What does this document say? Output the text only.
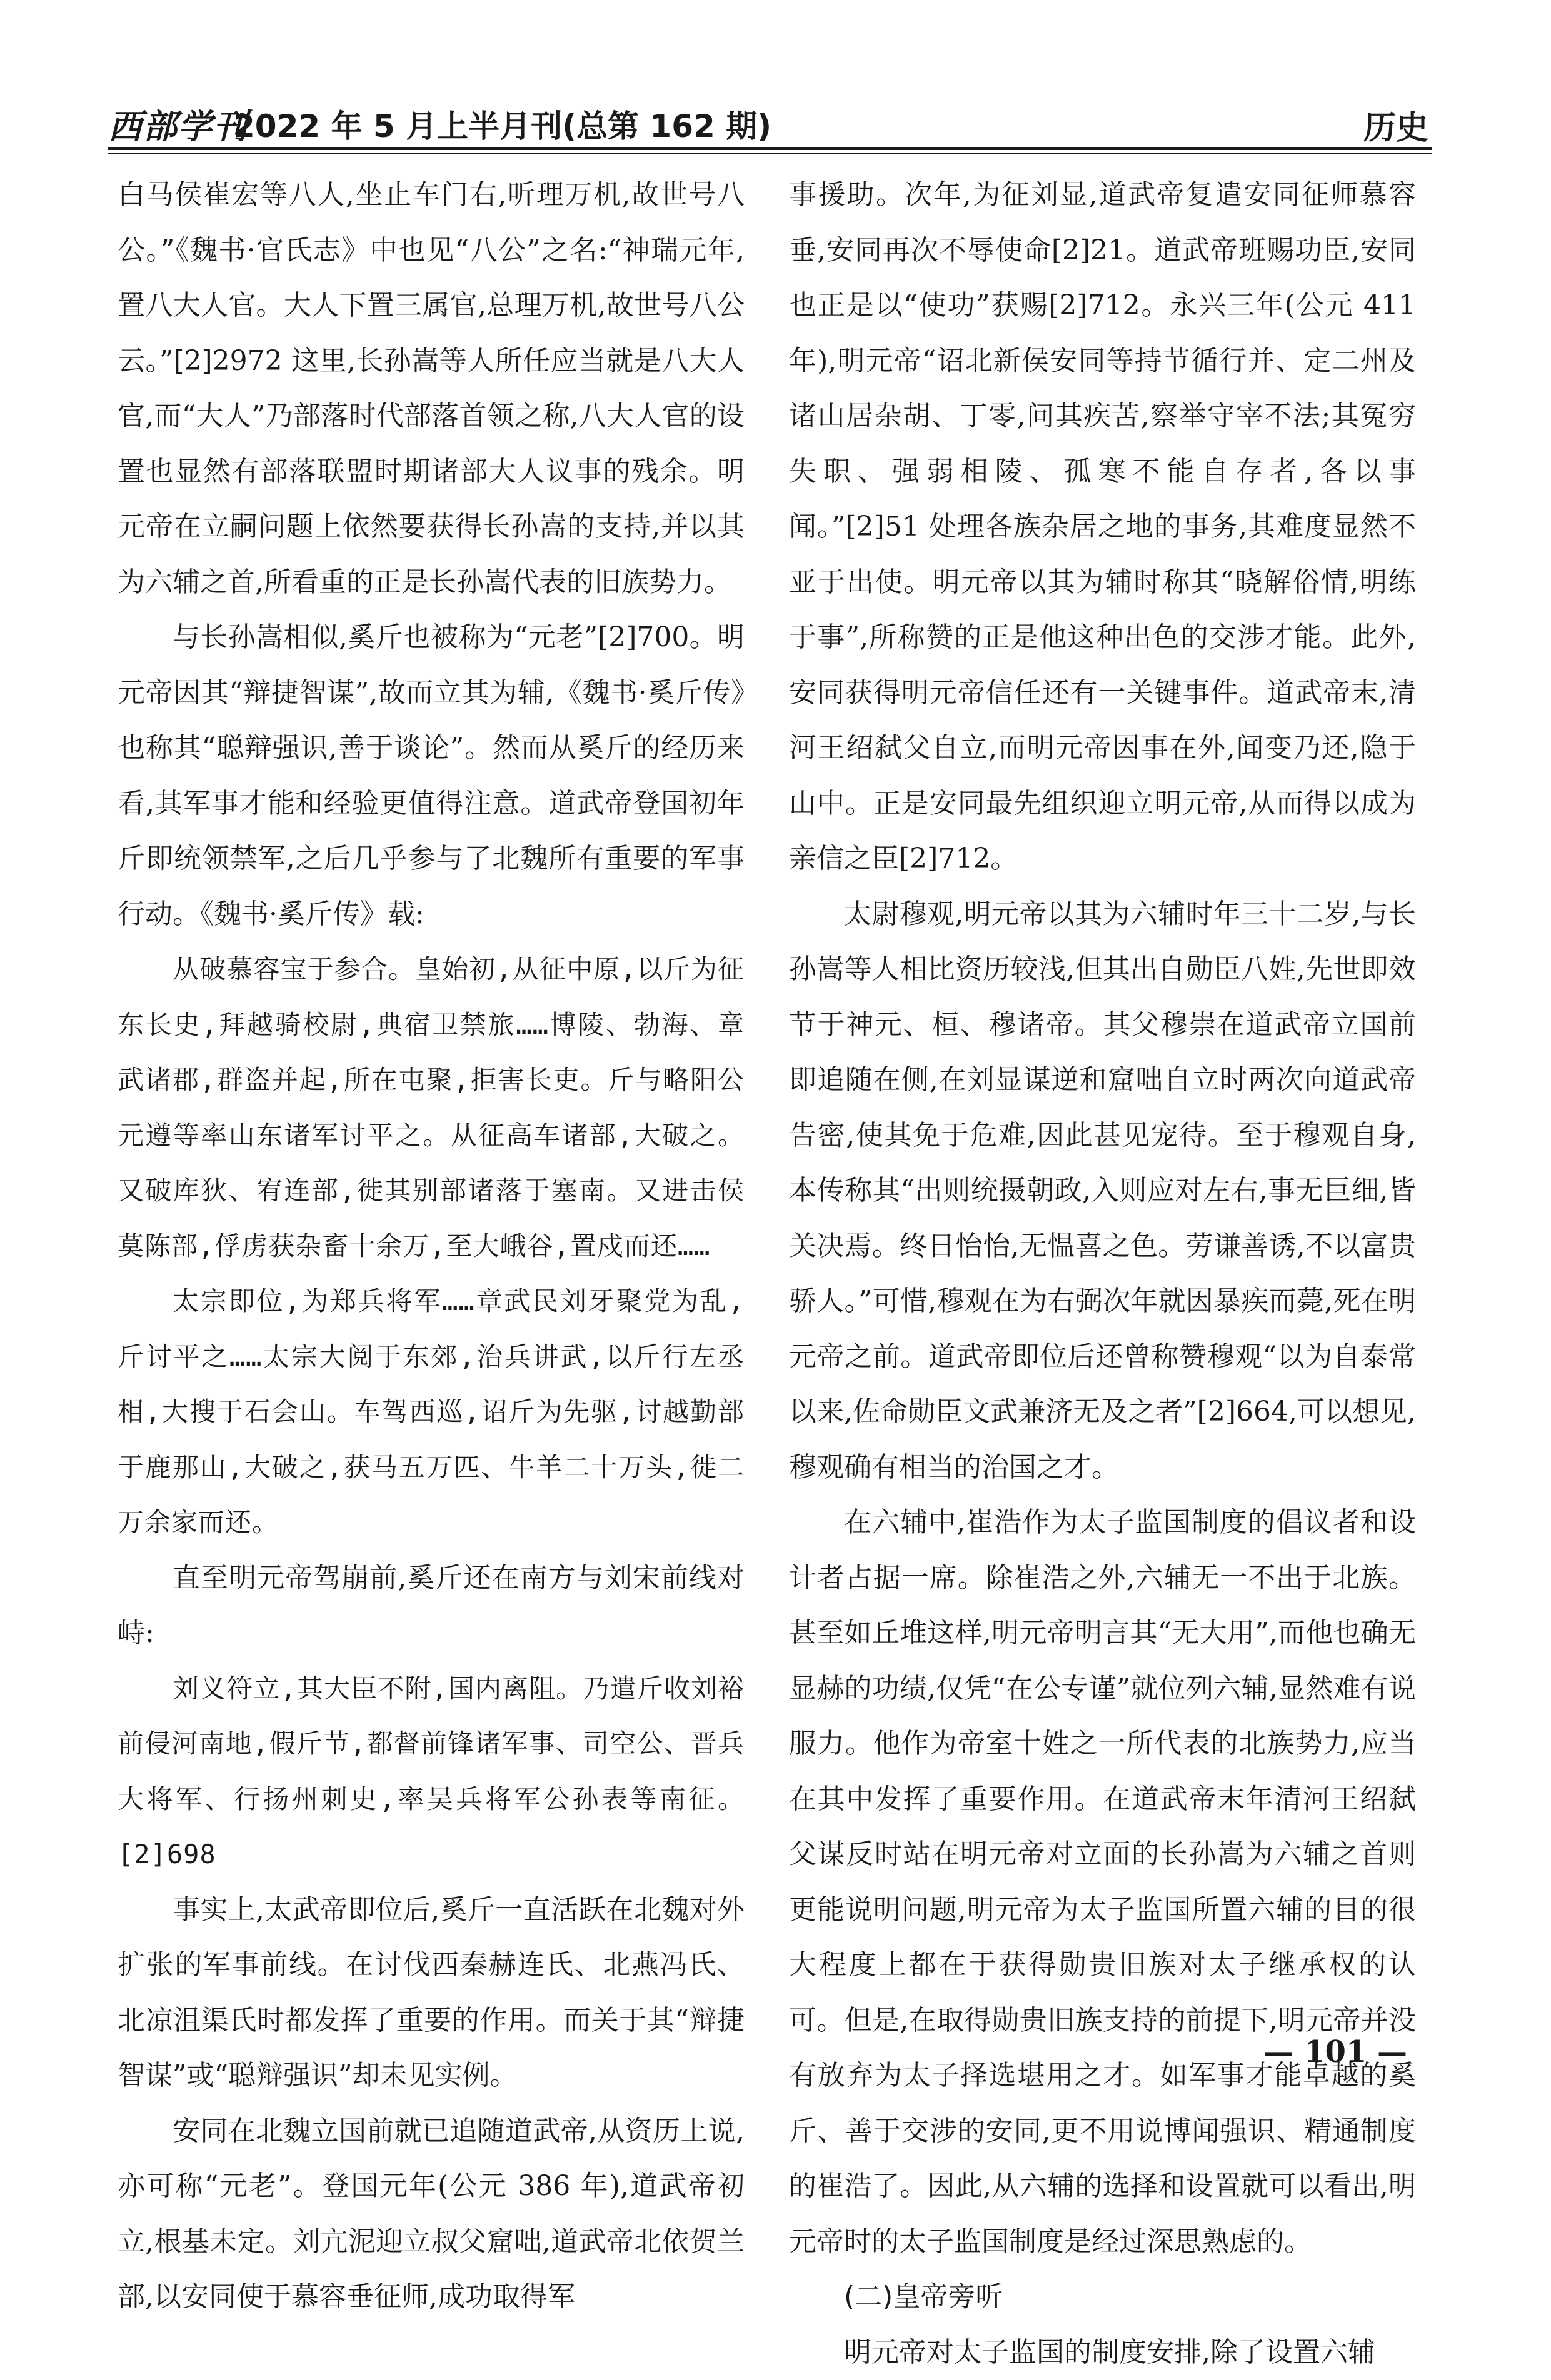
西部学刊
2022 年 5 月上半月刊(总第 162 期)	历史

白马侯崔宏等八人,坐止车门右,听理万机,故世号八公。”《魏书·官氏志》中也见“八公”之名:“神瑞元年,置八大人官。大人下置三属官,总理万机,故世号八公云。”[2]2972 这里,长孙嵩等人所任应当就是八大人官,而“大人”乃部落时代部落首领之称,八大人官的设置也显然有部落联盟时期诸部大人议事的残余。明元帝在立嗣问题上依然要获得长孙嵩的支持,并以其为六辅之首,所看重的正是长孙嵩代表的旧族势力。

与长孙嵩相似,奚斤也被称为“元老”[2]700。明元帝因其“辩捷智谋”,故而立其为辅,《魏书·奚斤传》也称其“聪辩强识,善于谈论”。然而从奚斤的经历来看,其军事才能和经验更值得注意。道武帝登国初年斤即统领禁军,之后几乎参与了北魏所有重要的军事行动。《魏书·奚斤传》载:

从破慕容宝于参合。皇始初,从征中原,以斤为征东长史,拜越骑校尉,典宿卫禁旅……博陵、勃海、章武诸郡,群盗并起,所在屯聚,拒害长吏。斤与略阳公元遵等率山东诸军讨平之。从征高车诸部,大破之。又破库狄、宥连部,徙其别部诸落于塞南。又进击侯莫陈部,俘虏获杂畜十余万,至大峨谷,置戍而还……

太宗即位,为郑兵将军……章武民刘牙聚党为乱,斤讨平之……太宗大阅于东郊,治兵讲武,以斤行左丞相,大搜于石会山。车驾西巡,诏斤为先驱,讨越勤部于鹿那山,大破之,获马五万匹、牛羊二十万头,徙二万余家而还。

直至明元帝驾崩前,奚斤还在南方与刘宋前线对峙:

刘义符立,其大臣不附,国内离阻。乃遣斤收刘裕前侵河南地,假斤节,都督前锋诸军事、司空公、晋兵大将军、行扬州刺史,率吴兵将军公孙表等南征。[2]698

事实上,太武帝即位后,奚斤一直活跃在北魏对外扩张的军事前线。在讨伐西秦赫连氏、北燕冯氏、北凉沮渠氏时都发挥了重要的作用。而关于其“辩捷智谋”或“聪辩强识”却未见实例。

安同在北魏立国前就已追随道武帝,从资历上说,亦可称“元老”。登国元年(公元 386 年),道武帝初立,根基未定。刘亢泥迎立叔父窟咄,道武帝北依贺兰部,以安同使于慕容垂征师,成功取得军

事援助。次年,为征刘显,道武帝复遣安同征师慕容垂,安同再次不辱使命[2]21。道武帝班赐功臣,安同也正是以“使功”获赐[2]712。永兴三年(公元 411 年),明元帝“诏北新侯安同等持节循行并、定二州及诸山居杂胡、丁零,问其疾苦,察举守宰不法;其冤穷失职、强弱相陵、孤寒不能自存者,各以事闻。”[2]51 处理各族杂居之地的事务,其难度显然不亚于出使。明元帝以其为辅时称其“晓解俗情,明练于事”,所称赞的正是他这种出色的交涉才能。此外,安同获得明元帝信任还有一关键事件。道武帝末,清河王绍弑父自立,而明元帝因事在外,闻变乃还,隐于山中。正是安同最先组织迎立明元帝,从而得以成为亲信之臣[2]712。

太尉穆观,明元帝以其为六辅时年三十二岁,与长孙嵩等人相比资历较浅,但其出自勋臣八姓,先世即效节于神元、桓、穆诸帝。其父穆崇在道武帝立国前即追随在侧,在刘显谋逆和窟咄自立时两次向道武帝告密,使其免于危难,因此甚见宠待。至于穆观自身,本传称其“出则统摄朝政,入则应对左右,事无巨细,皆关决焉。终日怡怡,无愠喜之色。劳谦善诱,不以富贵骄人。”可惜,穆观在为右弼次年就因暴疾而薨,死在明元帝之前。道武帝即位后还曾称赞穆观“以为自泰常以来,佐命勋臣文武兼济无及之者”[2]664,可以想见,穆观确有相当的治国之才。

在六辅中,崔浩作为太子监国制度的倡议者和设计者占据一席。除崔浩之外,六辅无一不出于北族。甚至如丘堆这样,明元帝明言其“无大用”,而他也确无显赫的功绩,仅凭“在公专谨”就位列六辅,显然难有说服力。他作为帝室十姓之一所代表的北族势力,应当在其中发挥了重要作用。在道武帝末年清河王绍弑父谋反时站在明元帝对立面的长孙嵩为六辅之首则更能说明问题,明元帝为太子监国所置六辅的目的很大程度上都在于获得勋贵旧族对太子继承权的认可。但是,在取得勋贵旧族支持的前提下,明元帝并没有放弃为太子择选堪用之才。如军事才能卓越的奚斤、善于交涉的安同,更不用说博闻强识、精通制度的崔浩了。因此,从六辅的选择和设置就可以看出,明元帝时的太子监国制度是经过深思熟虑的。

(二)皇帝旁听

明元帝对太子监国的制度安排,除了设置六辅

— 101 —
